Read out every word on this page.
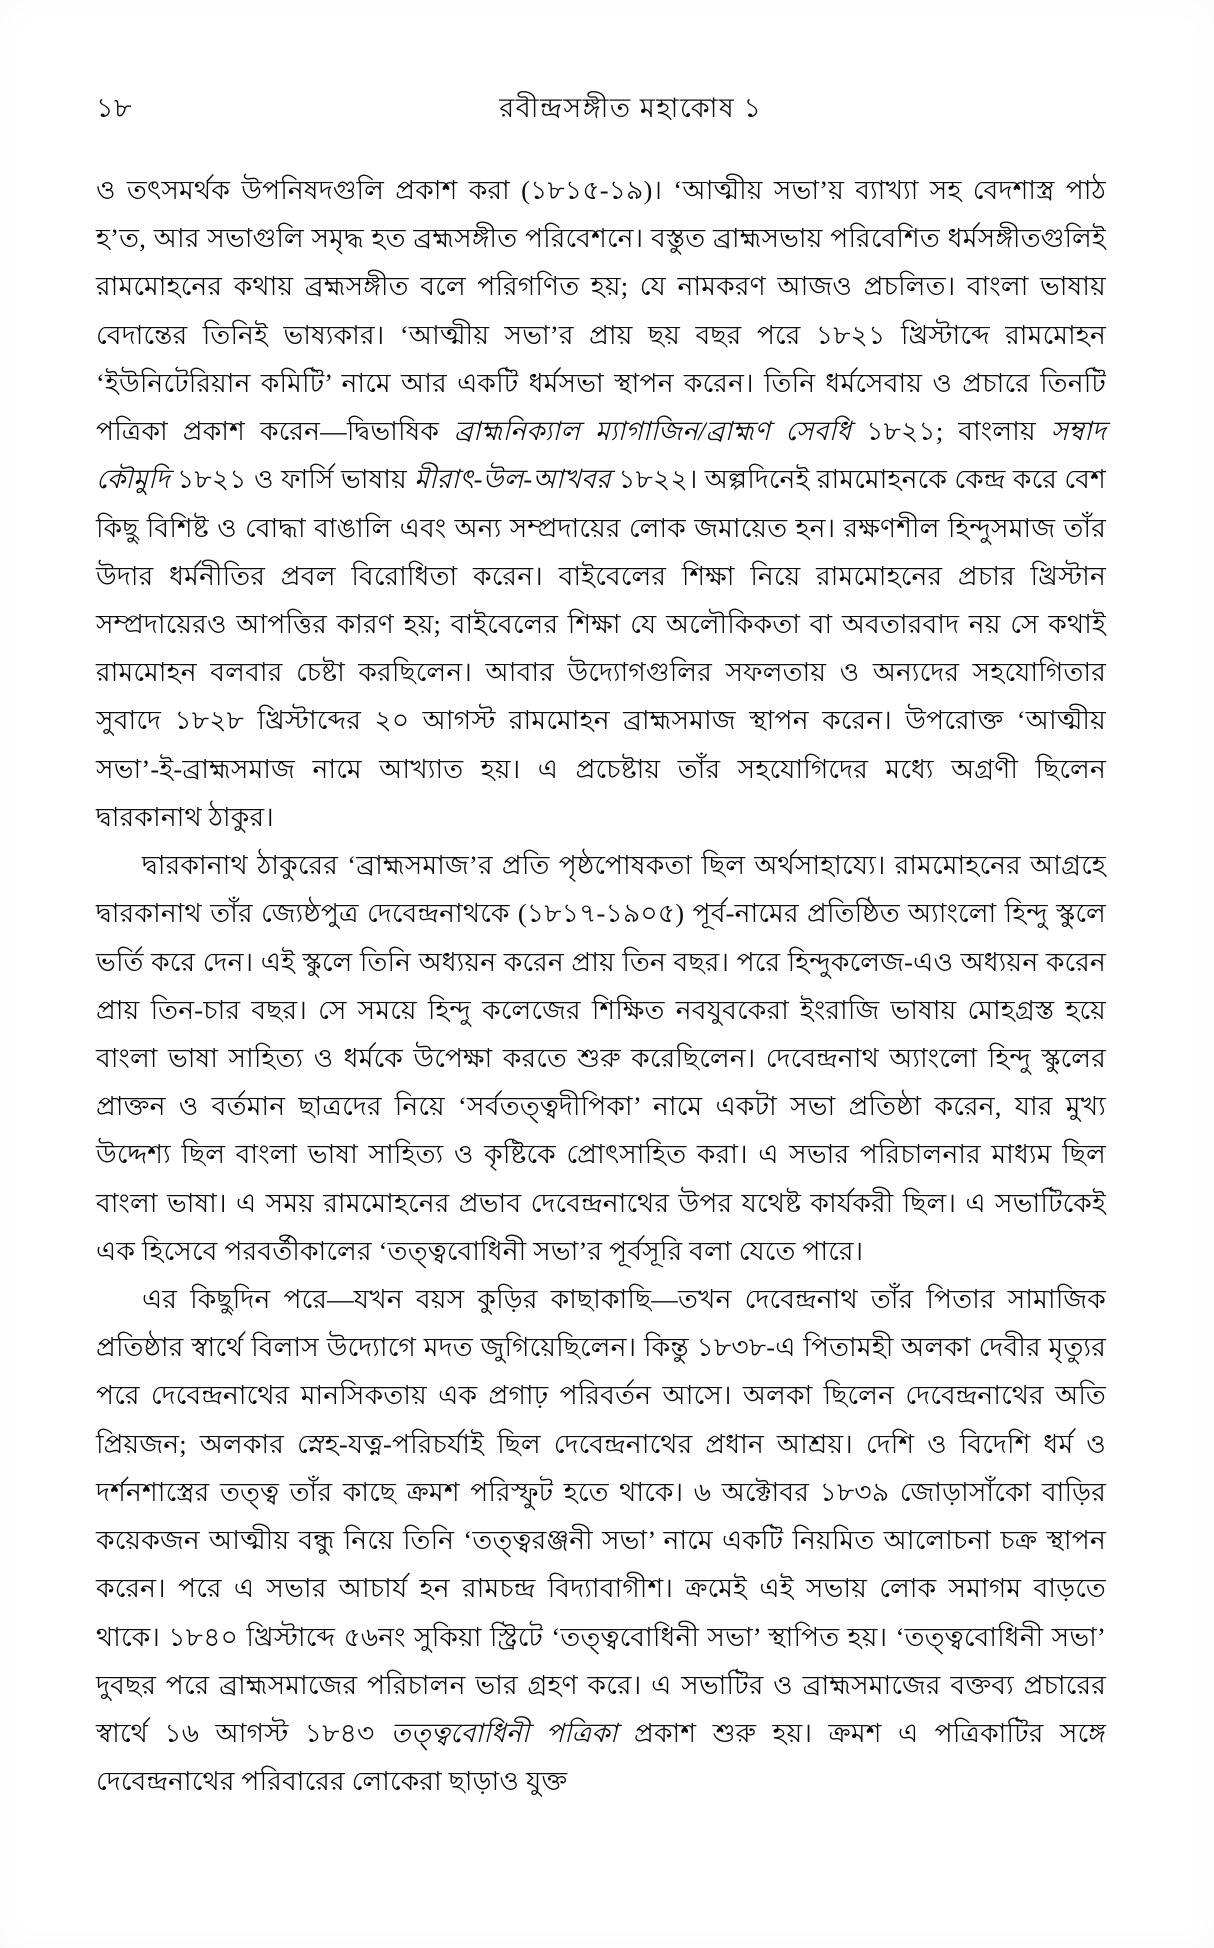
১৮	রবীন্দ্রসঙ্গীত মহাকোষ ১

ও তৎসমর্থক উপনিষদগুলি প্রকাশ করা (১৮১৫-১৯)। ‘আত্মীয় সভা’য় ব্যাখ্যা সহ বেদশাস্ত্র পাঠ হ’ত, আর সভাগুলি সমৃদ্ধ হত ব্রহ্মসঙ্গীত পরিবেশনে। বস্তুত ব্রাহ্মসভায় পরিবেশিত ধর্মসঙ্গীতগুলিই রামমোহনের কথায় ব্রহ্মসঙ্গীত বলে পরিগণিত হয়; যে নামকরণ আজও প্রচলিত। বাংলা ভাষায় বেদান্তের তিনিই ভাষ্যকার। ‘আত্মীয় সভা’র প্রায় ছয় বছর পরে ১৮২১ খ্রিস্টাব্দে রামমোহন ‘ইউনিটেরিয়ান কমিটি’ নামে আর একটি ধর্মসভা স্থাপন করেন। তিনি ধর্মসেবায় ও প্রচারে তিনটি পত্রিকা প্রকাশ করেন—দ্বিভাষিক ব্রাহ্মনিক্যাল ম্যাগাজিন/ব্রাহ্মণ সেবধি ১৮২১; বাংলায় সম্বাদ কৌমুদি ১৮২১ ও ফার্সি ভাষায় মীরাৎ-উল-আখবর ১৮২২। অল্পদিনেই রামমোহনকে কেন্দ্র করে বেশ কিছু বিশিষ্ট ও বোদ্ধা বাঙালি এবং অন্য সম্প্রদায়ের লোক জমায়েত হন। রক্ষণশীল হিন্দুসমাজ তাঁর উদার ধর্মনীতির প্রবল বিরোধিতা করেন। বাইবেলের শিক্ষা নিয়ে রামমোহনের প্রচার খ্রিস্টান সম্প্রদায়েরও আপত্তির কারণ হয়; বাইবেলের শিক্ষা যে অলৌকিকতা বা অবতারবাদ নয় সে কথাই রামমোহন বলবার চেষ্টা করছিলেন। আবার উদ্যোগগুলির সফলতায় ও অন্যদের সহযোগিতার সুবাদে ১৮২৮ খ্রিস্টাব্দের ২০ আগস্ট রামমোহন ব্রাহ্মসমাজ স্থাপন করেন। উপরোক্ত ‘আত্মীয় সভা’-ই-ব্রাহ্মসমাজ নামে আখ্যাত হয়। এ প্রচেষ্টায় তাঁর সহযোগিদের মধ্যে অগ্রণী ছিলেন দ্বারকানাথ ঠাকুর।

দ্বারকানাথ ঠাকুরের ‘ব্রাহ্মসমাজ’র প্রতি পৃষ্ঠপোষকতা ছিল অর্থসাহায্যে। রামমোহনের আগ্রহে দ্বারকানাথ তাঁর জ্যেষ্ঠপুত্র দেবেন্দ্রনাথকে (১৮১৭-১৯০৫) পূর্ব-নামের প্রতিষ্ঠিত অ্যাংলো হিন্দু স্কুলে ভর্তি করে দেন। এই স্কুলে তিনি অধ্যয়ন করেন প্রায় তিন বছর। পরে হিন্দুকলেজ-এও অধ্যয়ন করেন প্রায় তিন-চার বছর। সে সময়ে হিন্দু কলেজের শিক্ষিত নবযুবকেরা ইংরাজি ভাষায় মোহগ্রস্ত হয়ে বাংলা ভাষা সাহিত্য ও ধর্মকে উপেক্ষা করতে শুরু করেছিলেন। দেবেন্দ্রনাথ অ্যাংলো হিন্দু স্কুলের প্রাক্তন ও বর্তমান ছাত্রদের নিয়ে ‘সর্বতত্ত্বদীপিকা’ নামে একটা সভা প্রতিষ্ঠা করেন, যার মুখ্য উদ্দেশ্য ছিল বাংলা ভাষা সাহিত্য ও কৃষ্টিকে প্রোৎসাহিত করা। এ সভার পরিচালনার মাধ্যম ছিল বাংলা ভাষা। এ সময় রামমোহনের প্রভাব দেবেন্দ্রনাথের উপর যথেষ্ট কার্যকরী ছিল। এ সভাটিকেই এক হিসেবে পরবর্তীকালের ‘তত্ত্ববোধিনী সভা’র পূর্বসূরি বলা যেতে পারে।

এর কিছুদিন পরে—যখন বয়স কুড়ির কাছাকাছি—তখন দেবেন্দ্রনাথ তাঁর পিতার সামাজিক প্রতিষ্ঠার স্বার্থে বিলাস উদ্যোগে মদত জুগিয়েছিলেন। কিন্তু ১৮৩৮-এ পিতামহী অলকা দেবীর মৃত্যুর পরে দেবেন্দ্রনাথের মানসিকতায় এক প্রগাঢ় পরিবর্তন আসে। অলকা ছিলেন দেবেন্দ্রনাথের অতি প্রিয়জন; অলকার স্নেহ-যত্ন-পরিচর্যাই ছিল দেবেন্দ্রনাথের প্রধান আশ্রয়। দেশি ও বিদেশি ধর্ম ও দর্শনশাস্ত্রের তত্ত্ব তাঁর কাছে ক্রমশ পরিস্ফুট হতে থাকে। ৬ অক্টোবর ১৮৩৯ জোড়াসাঁকো বাড়ির কয়েকজন আত্মীয় বন্ধু নিয়ে তিনি ‘তত্ত্বরঞ্জনী সভা’ নামে একটি নিয়মিত আলোচনা চক্র স্থাপন করেন। পরে এ সভার আচার্য হন রামচন্দ্র বিদ্যাবাগীশ। ক্রমেই এই সভায় লোক সমাগম বাড়তে থাকে। ১৮৪০ খ্রিস্টাব্দে ৫৬নং সুকিয়া স্ট্রিটে ‘তত্ত্ববোধিনী সভা’ স্থাপিত হয়। ‘তত্ত্ববোধিনী সভা’ দুবছর পরে ব্রাহ্মসমাজের পরিচালন ভার গ্রহণ করে। এ সভাটির ও ব্রাহ্মসমাজের বক্তব্য প্রচারের স্বার্থে ১৬ আগস্ট ১৮৪৩ তত্ত্ববোধিনী পত্রিকা প্রকাশ শুরু হয়। ক্রমশ এ পত্রিকাটির সঙ্গে দেবেন্দ্রনাথের পরিবারের লোকেরা ছাড়াও যুক্ত
